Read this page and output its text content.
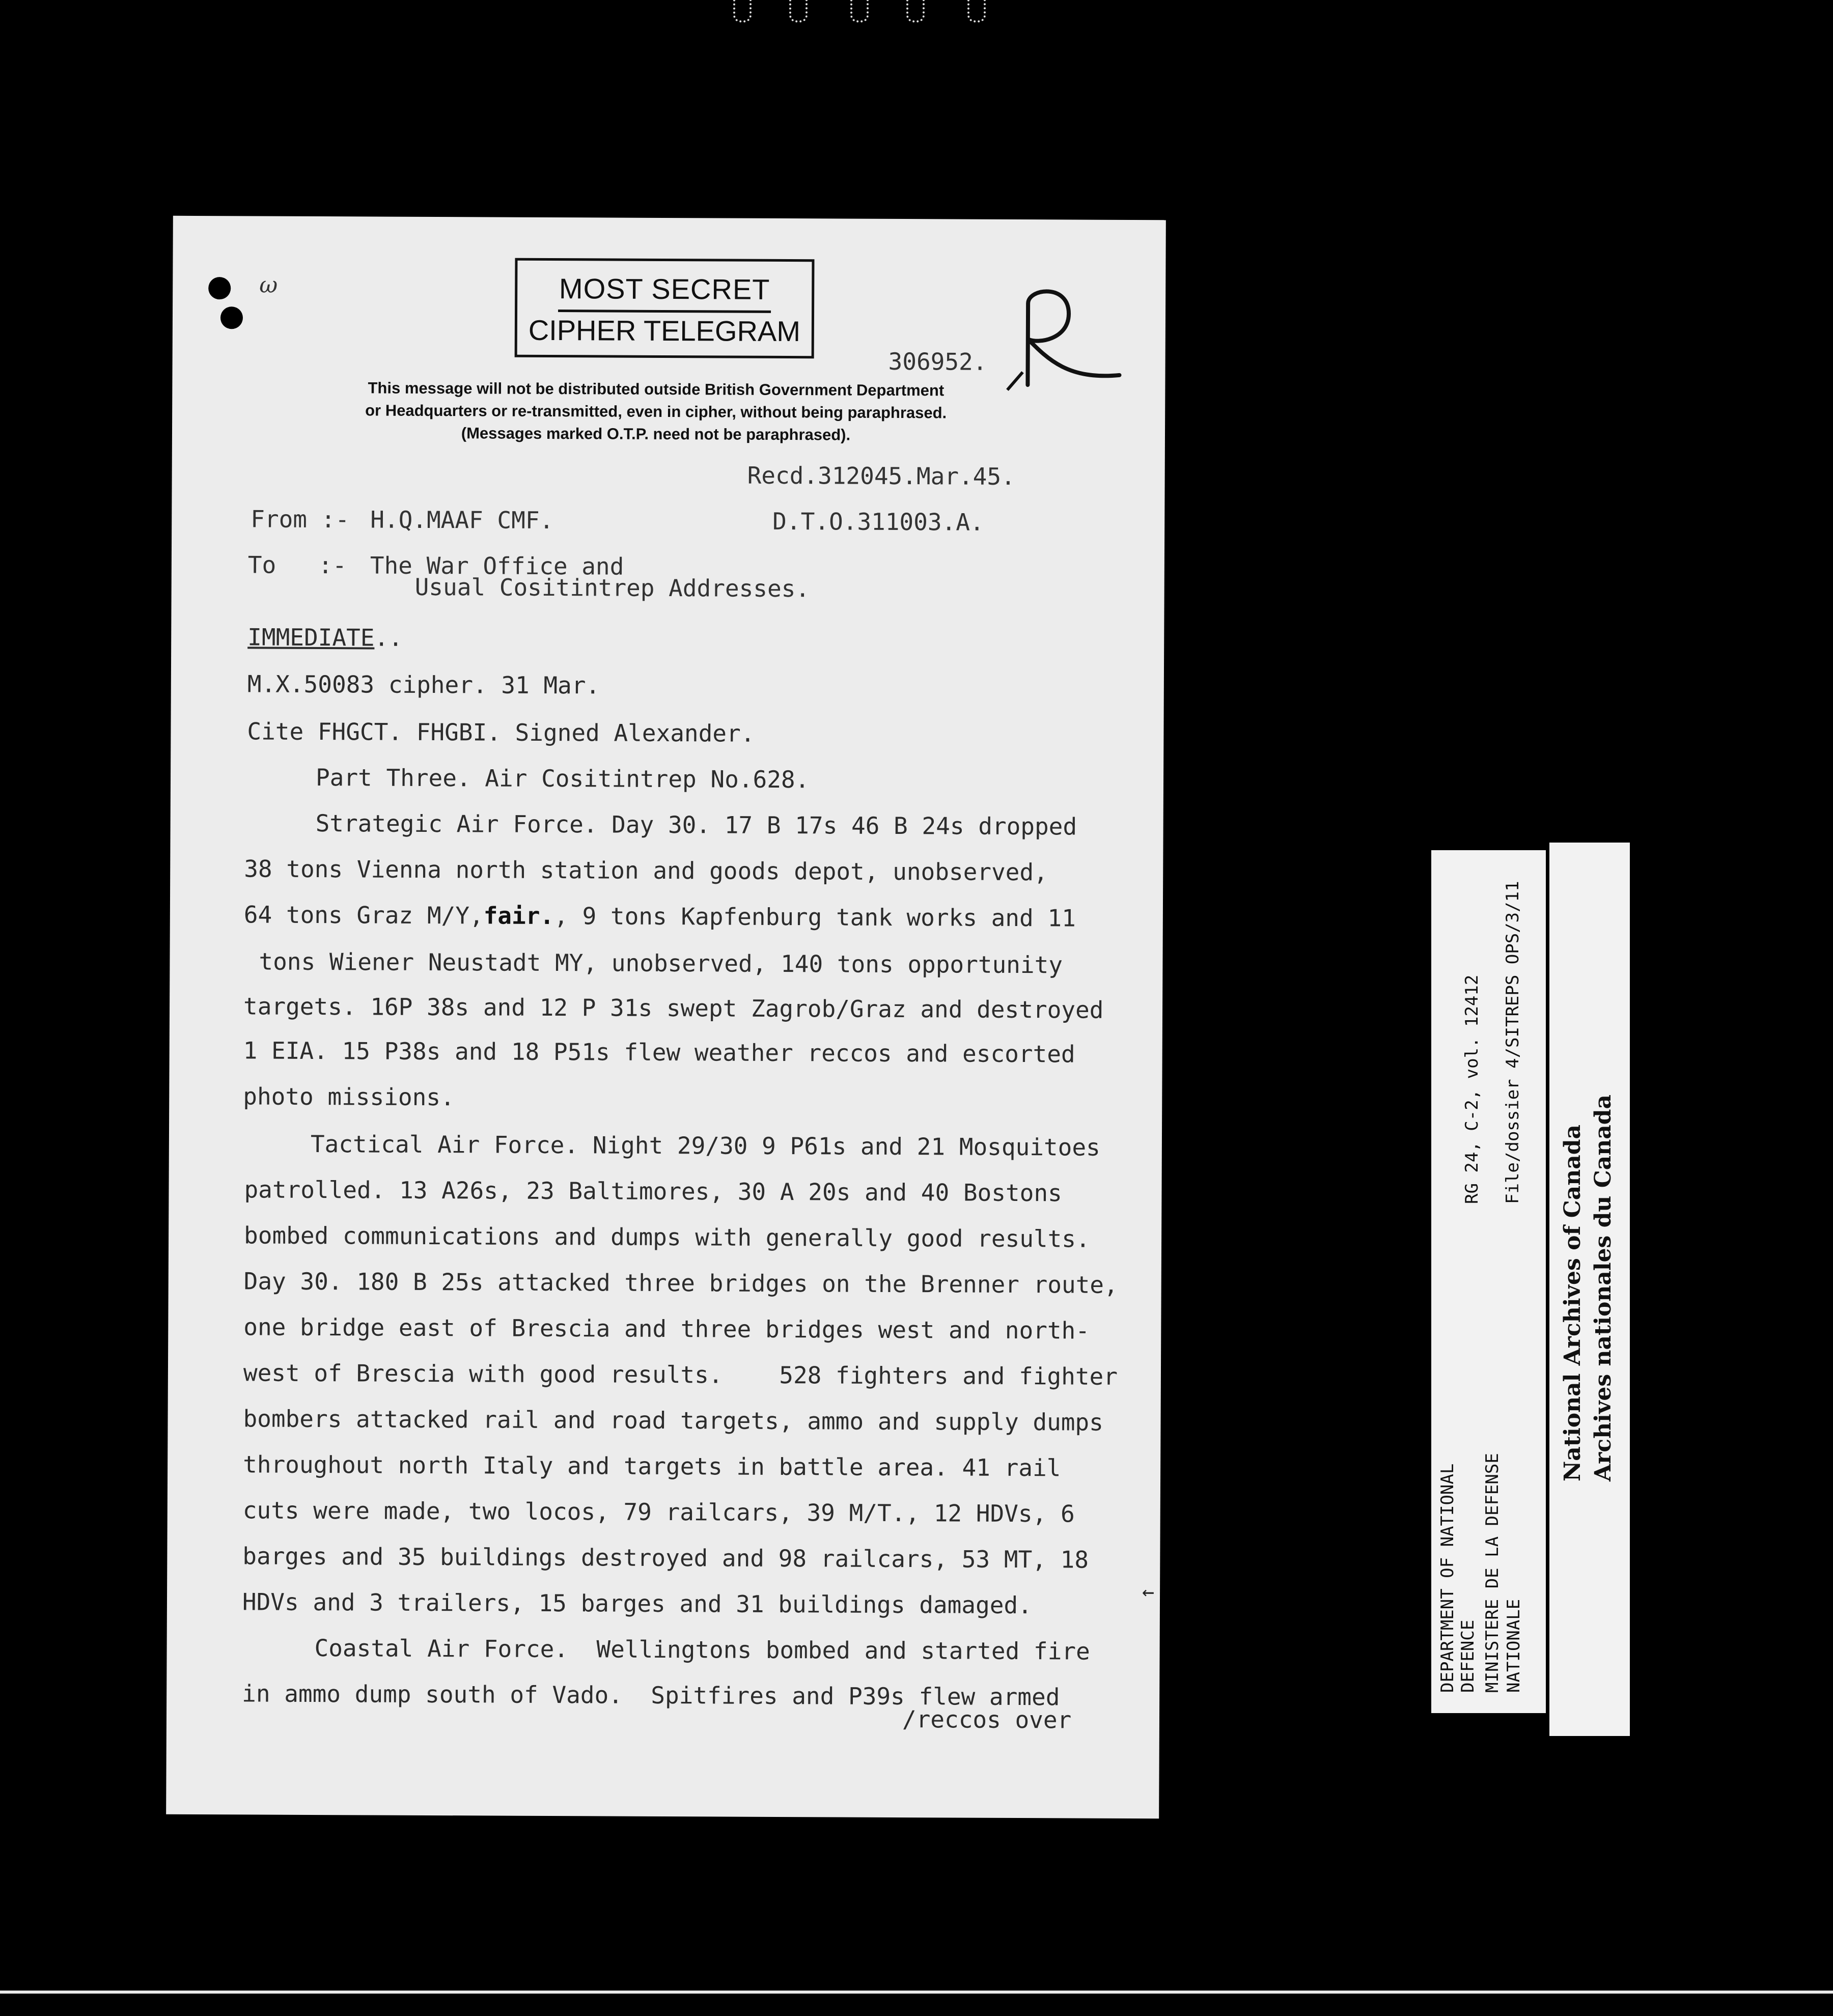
ω	MOST SECRET
CIPHER TELEGRAM
306952.
This message will not be distributed outside British Government Department
or Headquarters or re-transmitted, even in cipher, without being paraphrased.
(Messages marked O.T.P. need not be paraphrased).
Recd.312045.Mar.45.
From :- H.Q.MAAF CMF.	D.T.O.311003.A.
To   :- The War Office and
Usual Cositintrep Addresses.
IMMEDIATE..
M.X.50083 cipher. 31 Mar.
Cite FHGCT. FHGBI. Signed Alexander.
Part Three. Air Cositintrep No.628.
Strategic Air Force. Day 30. 17 B 17s 46 B 24s dropped
38 tons Vienna north station and goods depot, unobserved,
64 tons Graz M/Y,fair., 9 tons Kapfenburg tank works and 11
tons Wiener Neustadt MY, unobserved, 140 tons opportunity
targets. 16P 38s and 12 P 31s swept Zagrob/Graz and destroyed
1 EIA. 15 P38s and 18 P51s flew weather reccos and escorted
photo missions.
Tactical Air Force. Night 29/30 9 P61s and 21 Mosquitoes
patrolled. 13 A26s, 23 Baltimores, 30 A 20s and 40 Bostons
bombed communications and dumps with generally good results.
Day 30. 180 B 25s attacked three bridges on the Brenner route,
one bridge east of Brescia and three bridges west and north-
west of Brescia with good results.    528 fighters and fighter
bombers attacked rail and road targets, ammo and supply dumps
throughout north Italy and targets in battle area. 41 rail
cuts were made, two locos, 79 railcars, 39 M/T., 12 HDVs, 6
barges and 35 buildings destroyed and 98 railcars, 53 MT, 18
HDVs and 3 trailers, 15 barges and 31 buildings damaged.
Coastal Air Force.  Wellingtons bombed and started fire
in ammo dump south of Vado.  Spitfires and P39s flew armed
/reccos over
←	DEPARTMENT OF NATIONAL DEFENCE MINISTERE DE LA DEFENSE NATIONALE
RG 24, C-2, vol. 12412 File/dossier 4/SITREPS OPS/3/11
National Archives of Canada Archives nationales du Canada
